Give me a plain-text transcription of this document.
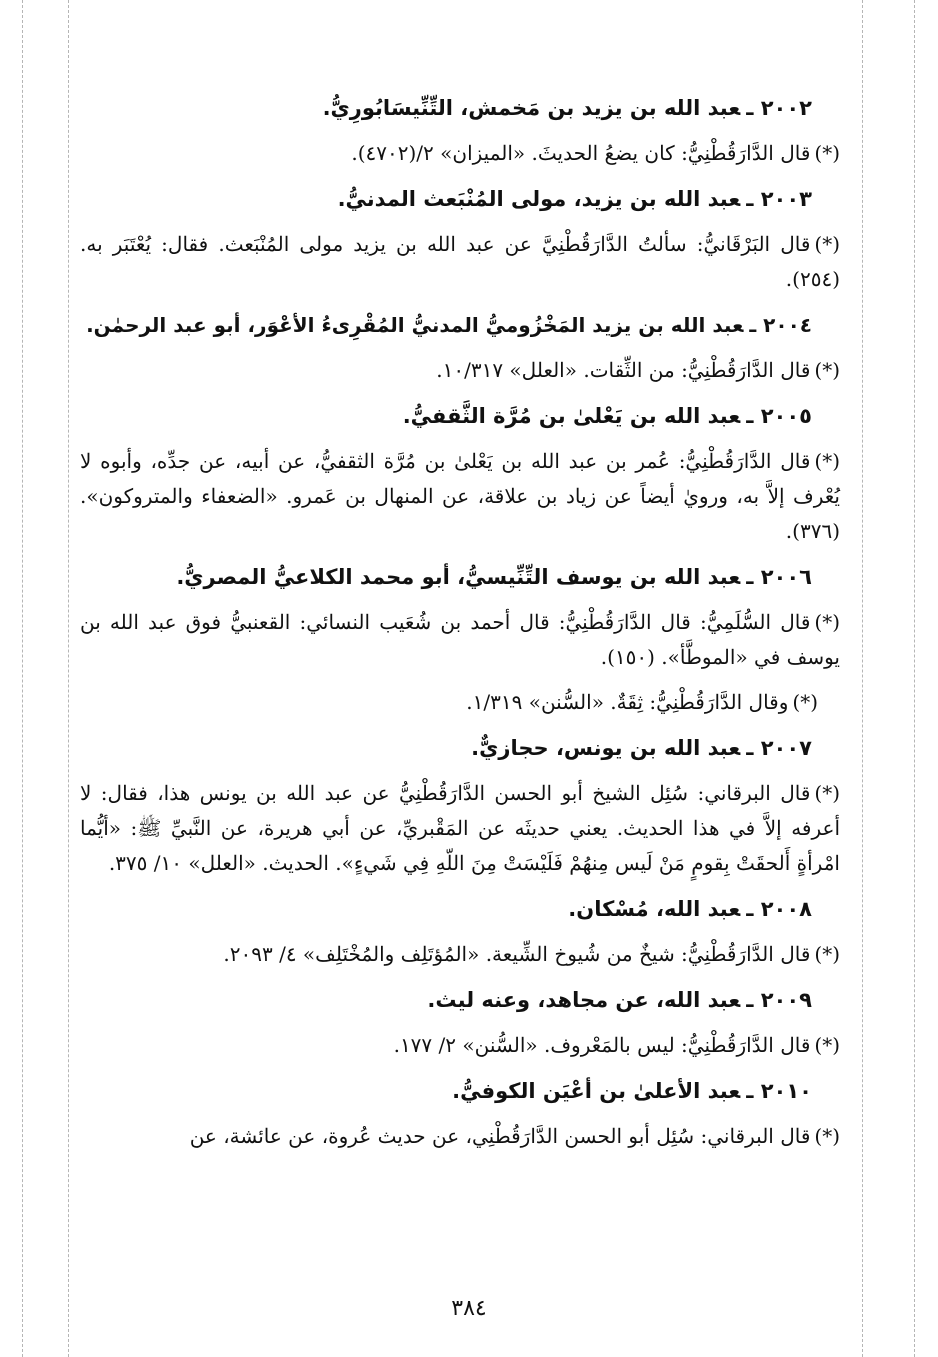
٢٠٠٢ ـعبد الله بن يزيد بن مَخمش، التِّنِّيسَابُورِيُّ.

(*)قال الدَّارَقُطْنِيُّ: كان يضعُ الحديثَ. «الميزان» ٢/(٤٧٠٢).

٢٠٠٣ ـعبد الله بن يزيد، مولى المُنْبَعث المدنيُّ.

(*)قال البَرْقَانيُّ: سألتُ الدَّارَقُطْنِيَّ عن عبد الله بن يزيد مولى المُنْبَعث. فقال: يُعْتَبَر به. (٢٥٤).

٢٠٠٤ ـعبد الله بن يزيد المَخْزُوميُّ المدنيُّ المُقْرِىءُ الأعْوَر، أبو عبد الرحمٰن.

(*)قال الدَّارَقُطْنِيُّ: من الثِّقات. «العلل» ١٠/٣١٧.

٢٠٠٥ ـعبد الله بن يَعْلىٰ بن مُرَّة الثَّقفيُّ.

(*)قال الدَّارَقُطْنِيُّ: عُمر بن عبد الله بن يَعْلىٰ بن مُرَّة الثقفيُّ، عن أبيه، عن جدِّه، وأبوه لا يُعْرف إلاَّ به، ورويٰ أيضاً عن زياد بن علاقة، عن المنهال بن عَمرو. «الضعفاء والمتروكون». (٣٧٦).

٢٠٠٦ ـعبد الله بن يوسف التِّنِّيسيُّ، أبو محمد الكلاعيُّ المصريُّ.

(*)قال السُّلَمِيُّ: قال الدَّارَقُطْنِيُّ: قال أحمد بن شُعَيب النسائي: القعنبيُّ فوق عبد الله بن يوسف في «الموطَّأ». (١٥٠).

(*)وقال الدَّارَقُطْنِيُّ: ثِقَةٌ. «السُّنن» ١/٣١٩.

٢٠٠٧ ـعبد الله بن يونس، حجازيٌّ.

(*)قال البرقاني: سُئِل الشيخ أبو الحسن الدَّارَقُطْنِيُّ عن عبد الله بن يونس هذا، فقال: لا أعرفه إلاَّ في هذا الحديث. يعني حديثَه عن المَقْبريِّ، عن أبي هريرة، عن النَّبيِّ ﷺ: «أيُّما امْرأةٍ أَلحقَتْ بِقومٍ مَنْ لَيس مِنهُمْ فَلَيْسَتْ مِنَ اللّهِ فِي شَيءٍ». الحديث. «العلل» ١٠/ ٣٧٥.

٢٠٠٨ ـعبد الله، مُسْكان.

(*)قال الدَّارَقُطْنِيُّ: شيخٌ من شُيوخ الشِّيعة. «المُؤتَلِف والمُخْتَلِف» ٤/ ٢٠٩٣.

٢٠٠٩ ـعبد الله، عن مجاهد، وعنه ليث.

(*)قال الدَّارَقُطْنِيُّ: ليس بالمَعْروف. «السُّنن» ٢/ ١٧٧.

٢٠١٠ ـعبد الأعلىٰ بن أعْيَن الكوفيُّ.

(*)قال البرقاني: سُئِل أبو الحسن الدَّارَقُطْنِي، عن حديث عُروة، عن عائشة، عن

٣٨٤
